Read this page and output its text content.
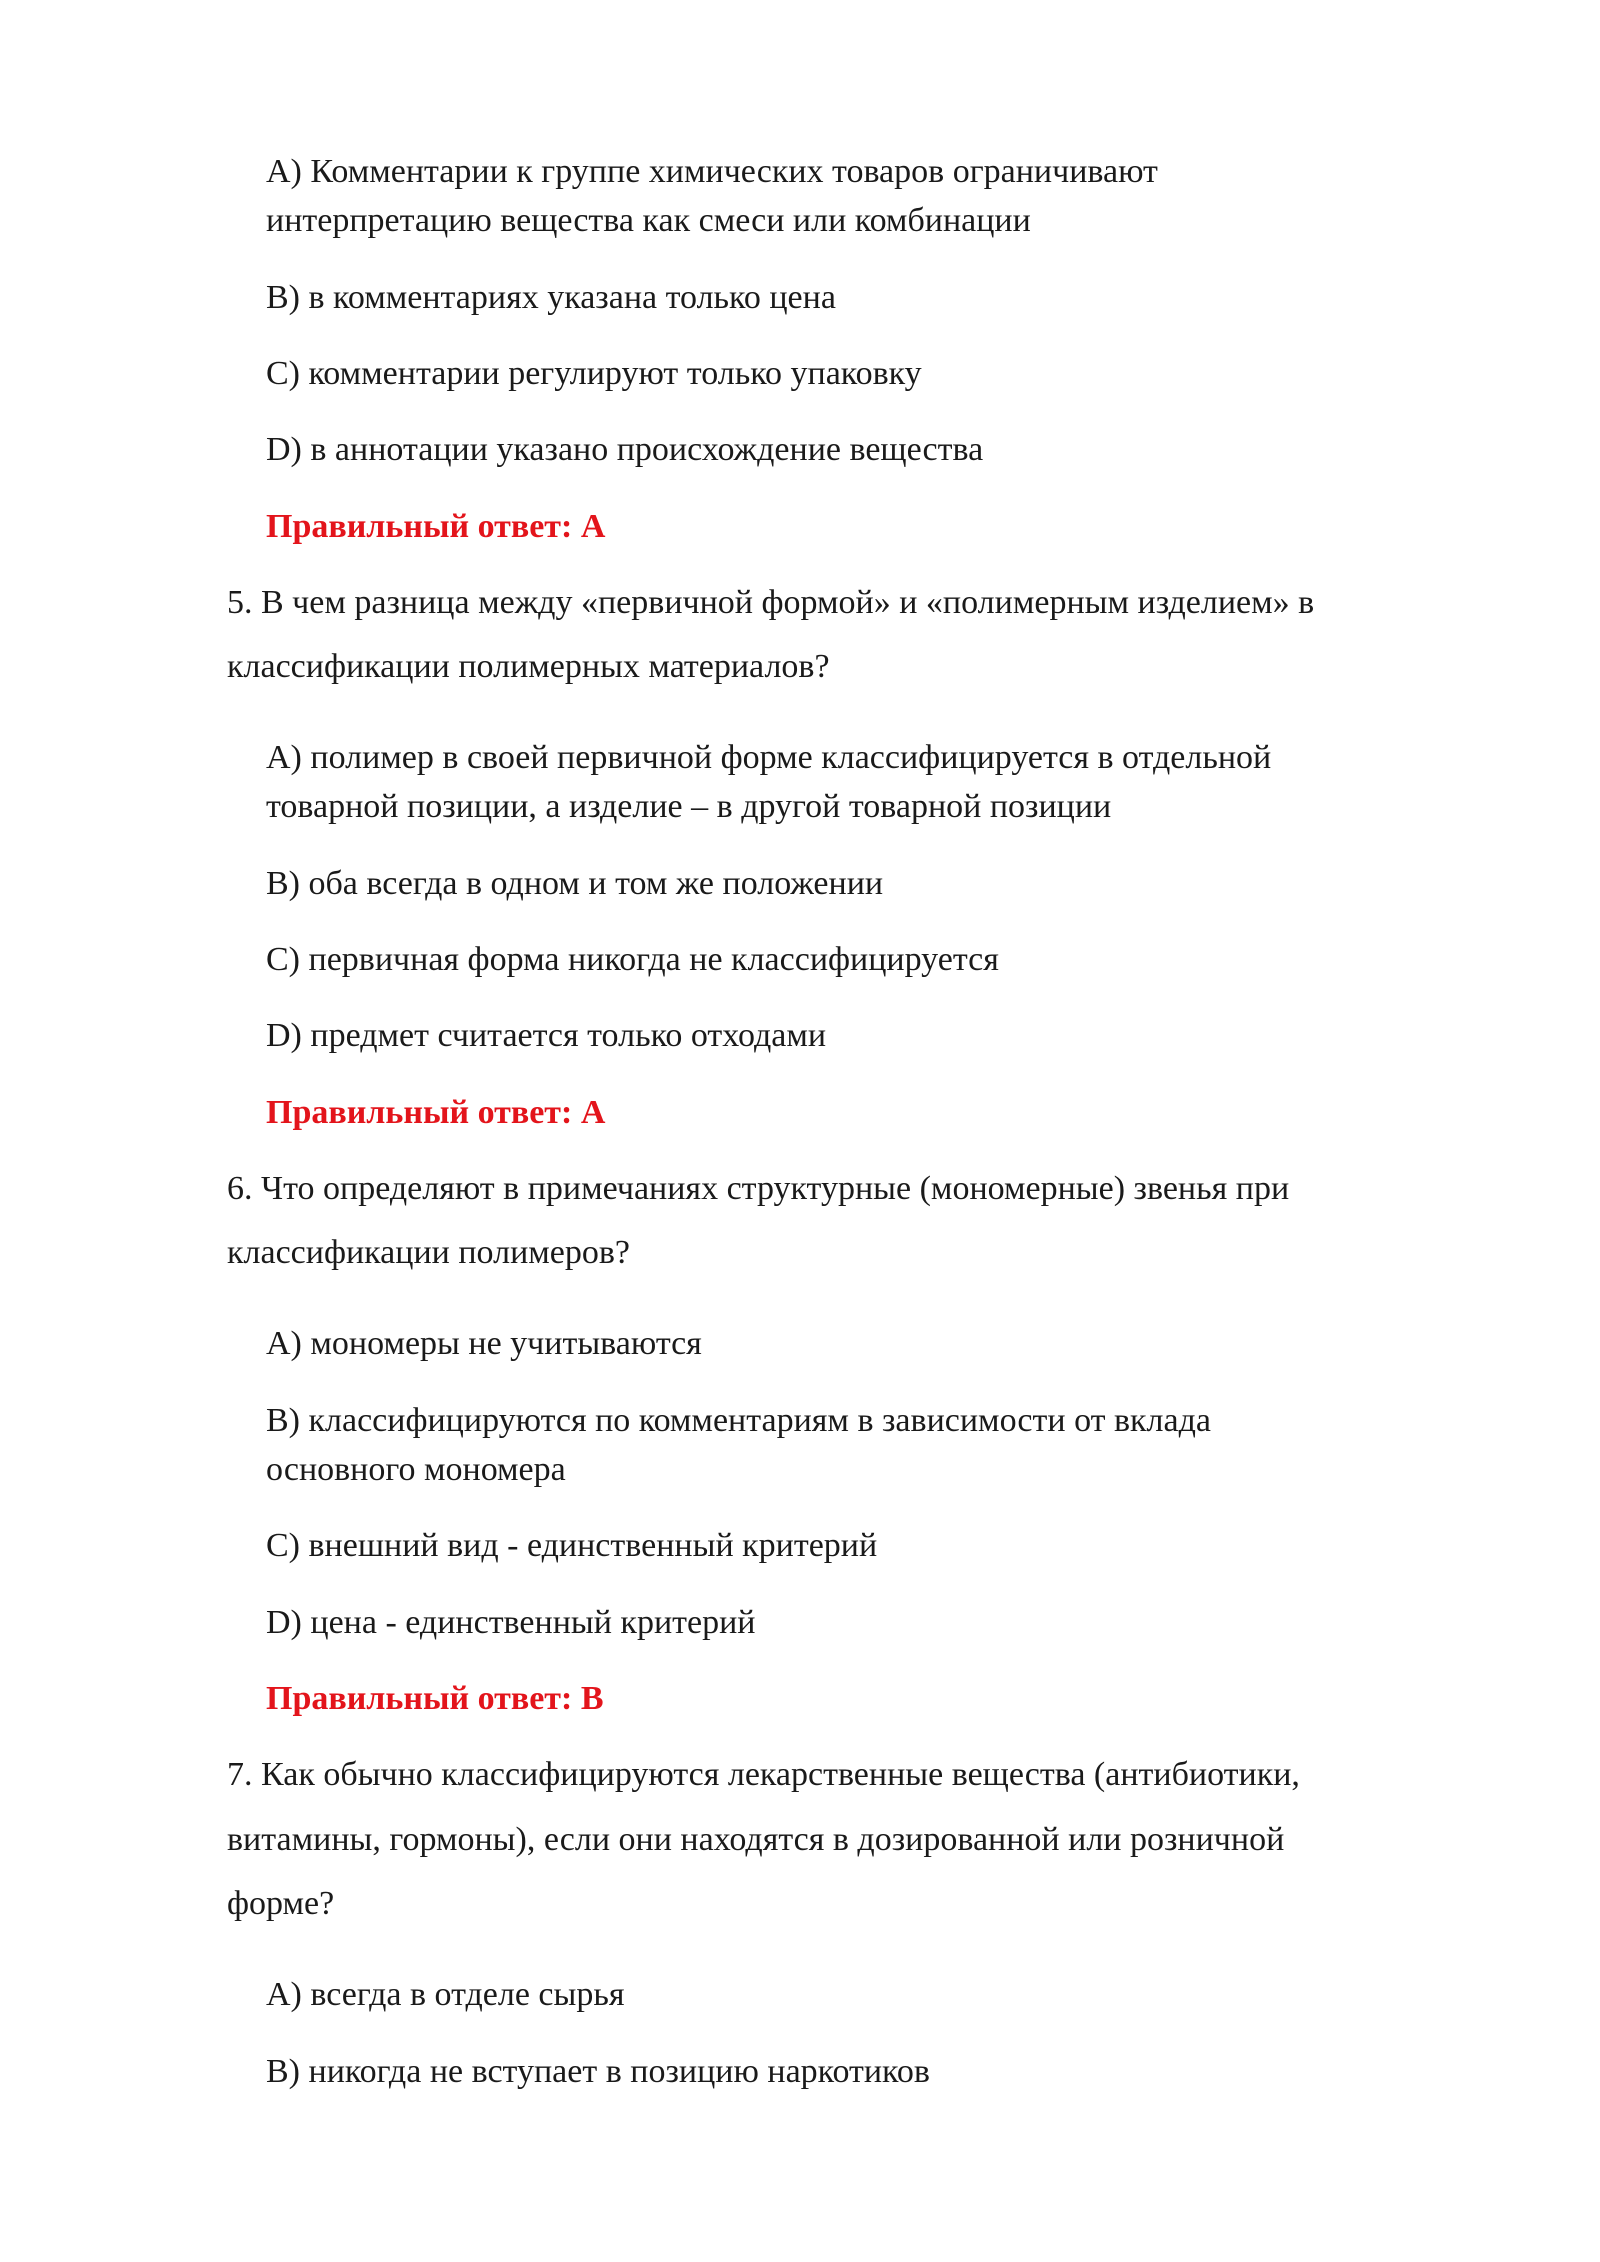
A) Комментарии к группе химических товаров ограничивают

интерпретацию вещества как смеси или комбинации

B) в комментариях указана только цена

C) комментарии регулируют только упаковку

D) в аннотации указано происхождение вещества

Правильный ответ: A

5. В чем разница между «первичной формой» и «полимерным изделием» в

классификации полимерных материалов?

A) полимер в своей первичной форме классифицируется в отдельной

товарной позиции, а изделие – в другой товарной позиции

B) оба всегда в одном и том же положении

C) первичная форма никогда не классифицируется

D) предмет считается только отходами

Правильный ответ: A

6. Что определяют в примечаниях структурные (мономерные) звенья при

классификации полимеров?

A) мономеры не учитываются

B) классифицируются по комментариям в зависимости от вклада

основного мономера

C) внешний вид - единственный критерий

D) цена - единственный критерий

Правильный ответ: B

7. Как обычно классифицируются лекарственные вещества (антибиотики,

витамины, гормоны), если они находятся в дозированной или розничной

форме?

A) всегда в отделе сырья

B) никогда не вступает в позицию наркотиков
